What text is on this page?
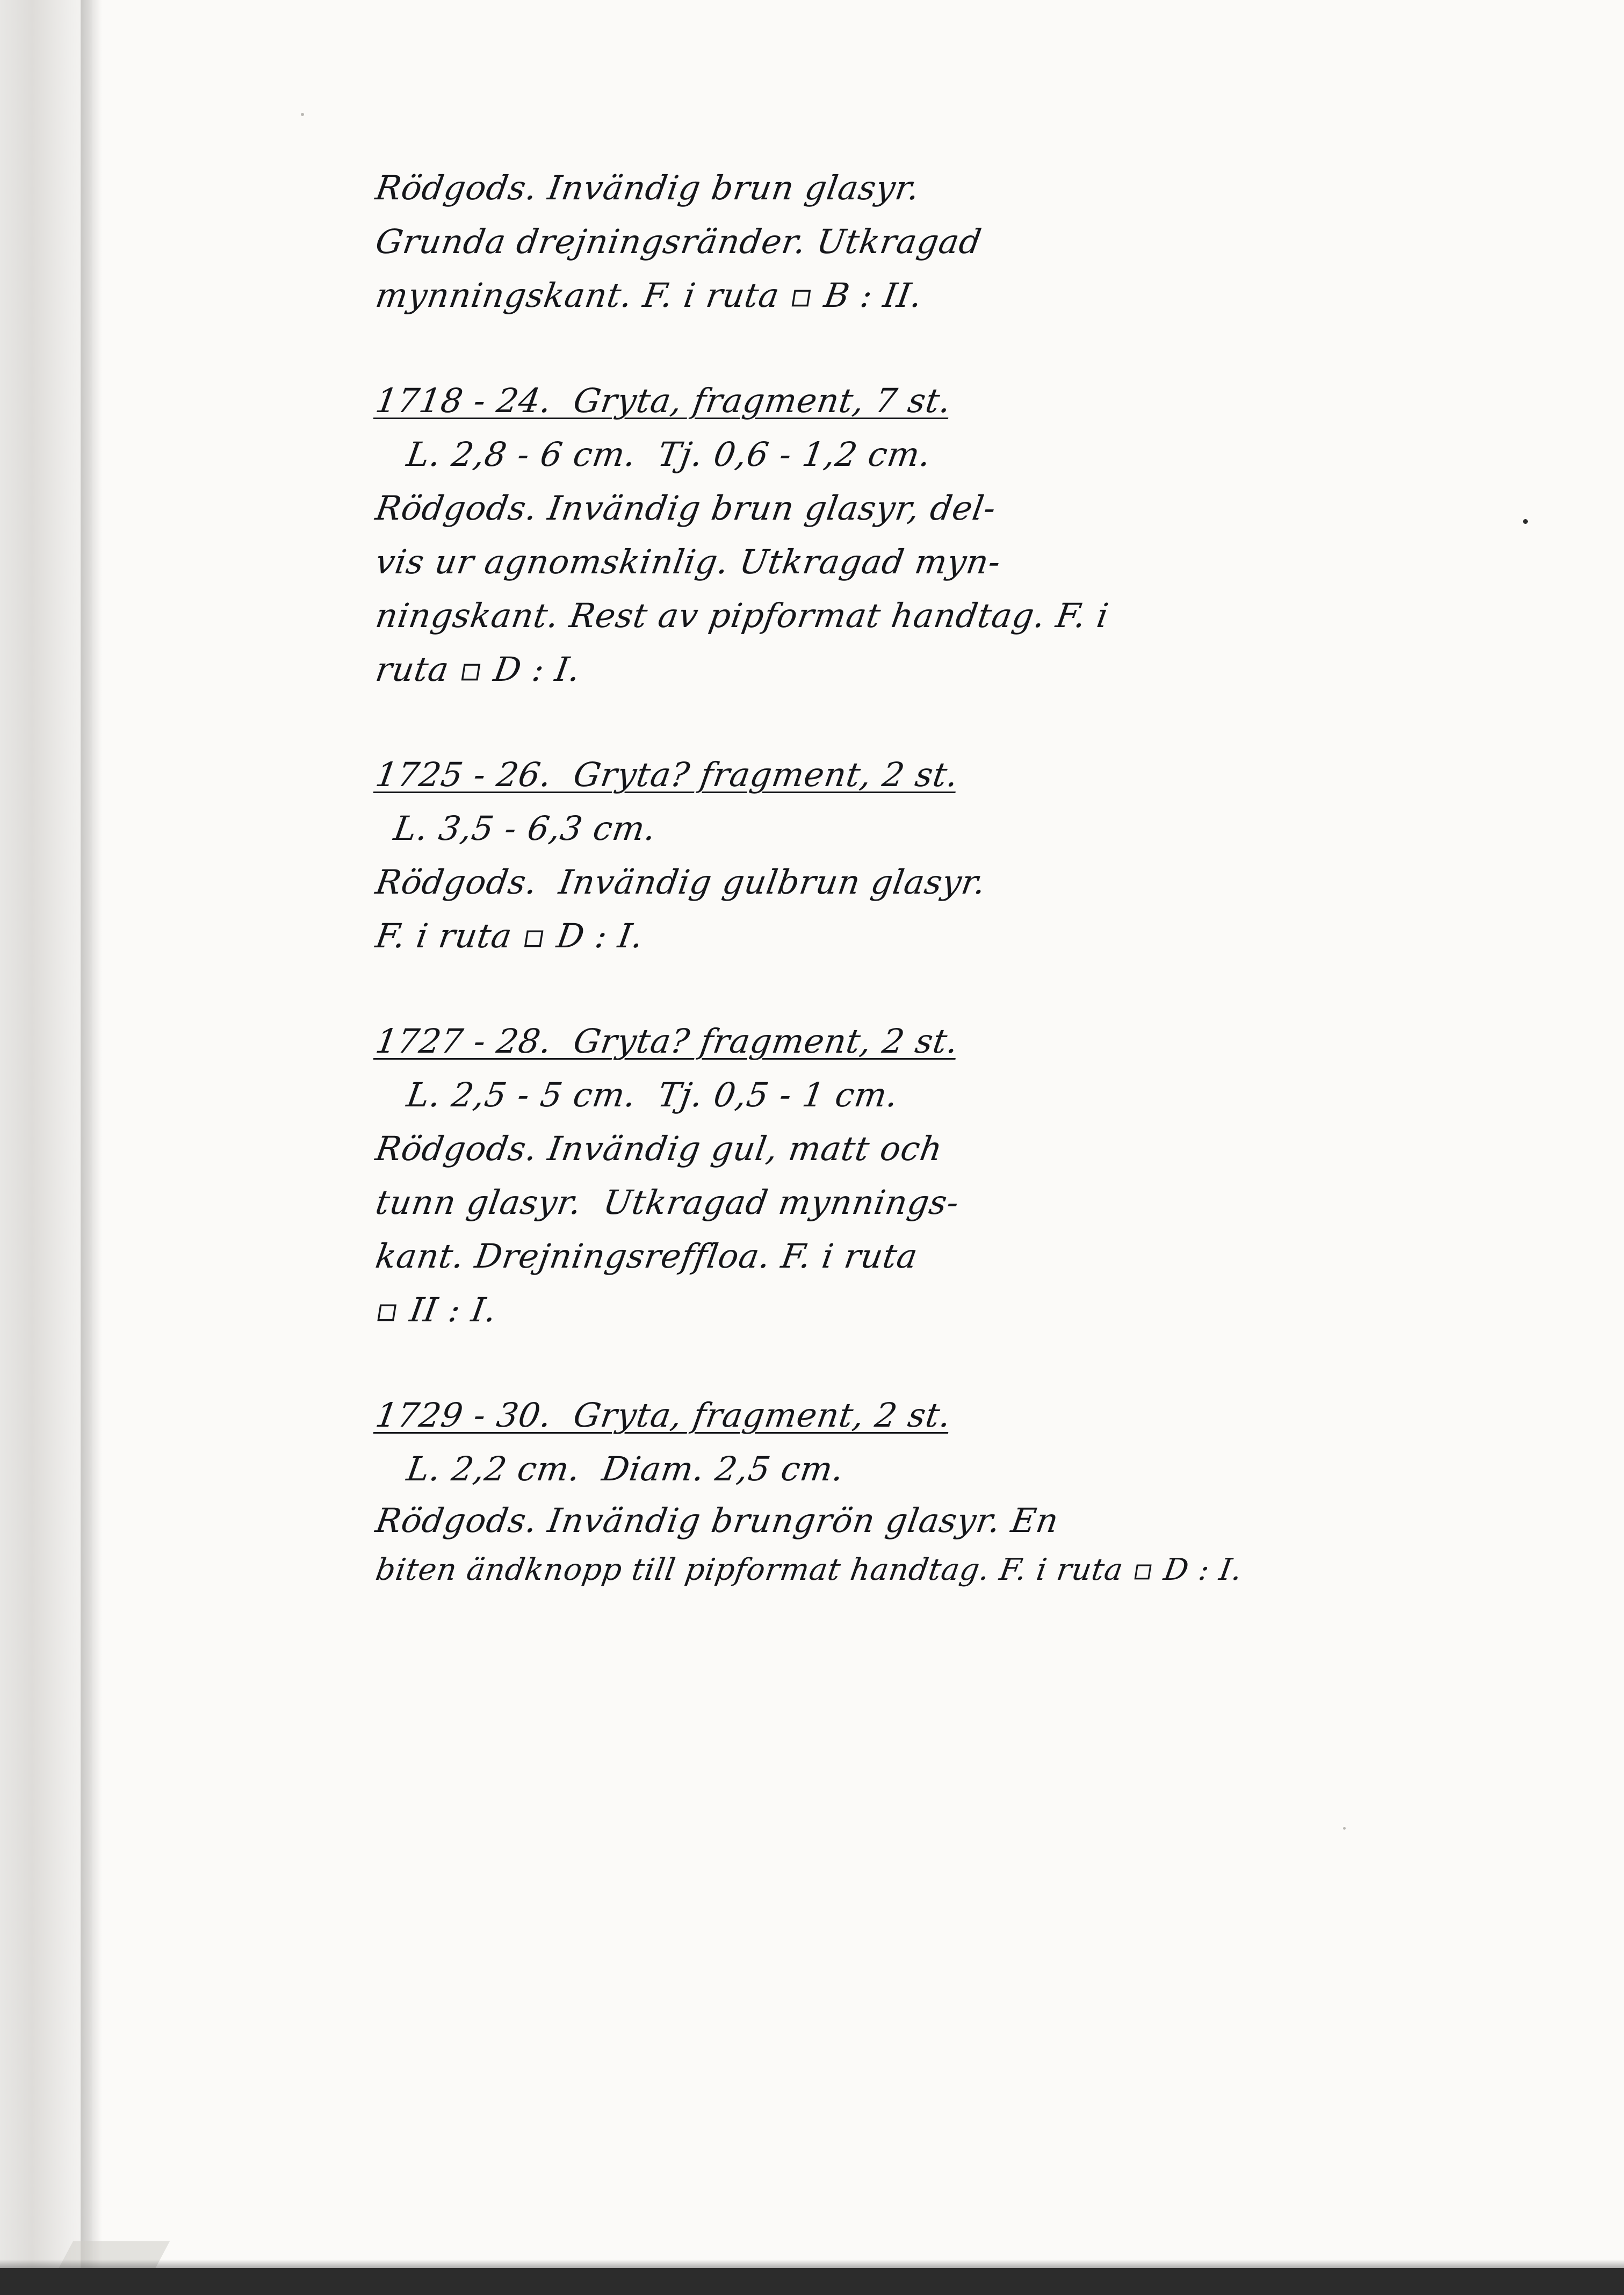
Rödgods. Invändig brun glasyr.
Grunda drejningsränder. Utkragad
mynningskant. F. i ruta ▫ B : II.
1718 - 24.  Gryta, fragment, 7 st.
L. 2,8 - 6 cm.  Tj. 0,6 - 1,2 cm.
Rödgods. Invändig brun glasyr, del-
vis ur agnomskinlig. Utkragad myn-
ningskant. Rest av pipformat handtag. F. i
ruta ▫ D : I.
1725 - 26.  Gryta? fragment, 2 st.
L. 3,5 - 6,3 cm.
Rödgods.  Invändig gulbrun glasyr.
F. i ruta ▫ D : I.
1727 - 28.  Gryta? fragment, 2 st.
L. 2,5 - 5 cm.  Tj. 0,5 - 1 cm.
Rödgods. Invändig gul, matt och
tunn glasyr.  Utkragad mynnings-
kant. Drejningsreffloa. F. i ruta
▫ II : I.
1729 - 30.  Gryta, fragment, 2 st.
L. 2,2 cm.  Diam. 2,5 cm.
Rödgods. Invändig brungrön glasyr. En
biten ändknopp till pipformat handtag. F. i ruta ▫ D : I.
